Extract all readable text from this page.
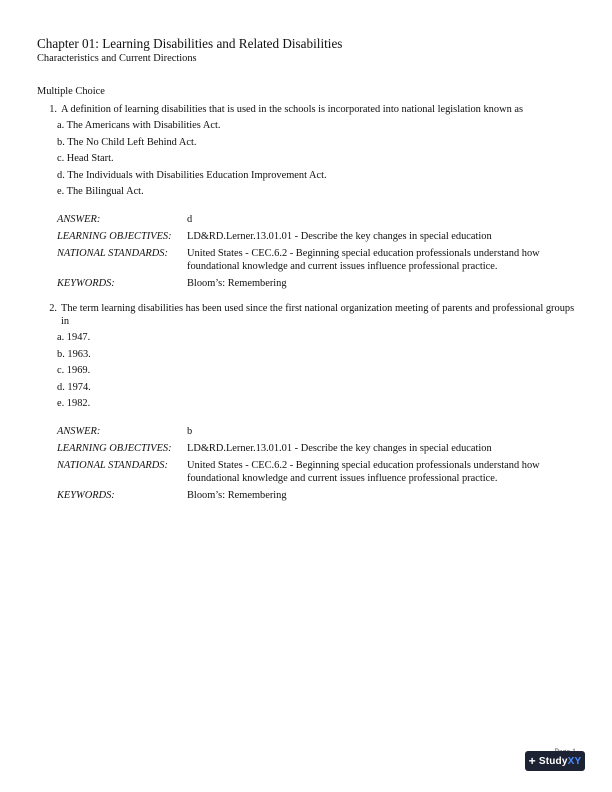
Chapter 01: Learning Disabilities and Related Disabilities
Characteristics and Current Directions
Multiple Choice
1. A definition of learning disabilities that is used in the schools is incorporated into national legislation known as
a. The Americans with Disabilities Act.
b. The No Child Left Behind Act.
c. Head Start.
d. The Individuals with Disabilities Education Improvement Act.
e. The Bilingual Act.
ANSWER:	d
LEARNING OBJECTIVES:	LD&RD.Lerner.13.01.01 - Describe the key changes in special education
NATIONAL STANDARDS:	United States - CEC.6.2 - Beginning special education professionals understand how foundational knowledge and current issues influence professional practice.
KEYWORDS:	Bloom’s: Remembering
2. The term learning disabilities has been used since the first national organization meeting of parents and professional groups in
a. 1947.
b. 1963.
c. 1969.
d. 1974.
e. 1982.
ANSWER:	b
LEARNING OBJECTIVES:	LD&RD.Lerner.13.01.01 - Describe the key changes in special education
NATIONAL STANDARDS:	United States - CEC.6.2 - Beginning special education professionals understand how foundational knowledge and current issues influence professional practice.
KEYWORDS:	Bloom’s: Remembering
+ Study XY
